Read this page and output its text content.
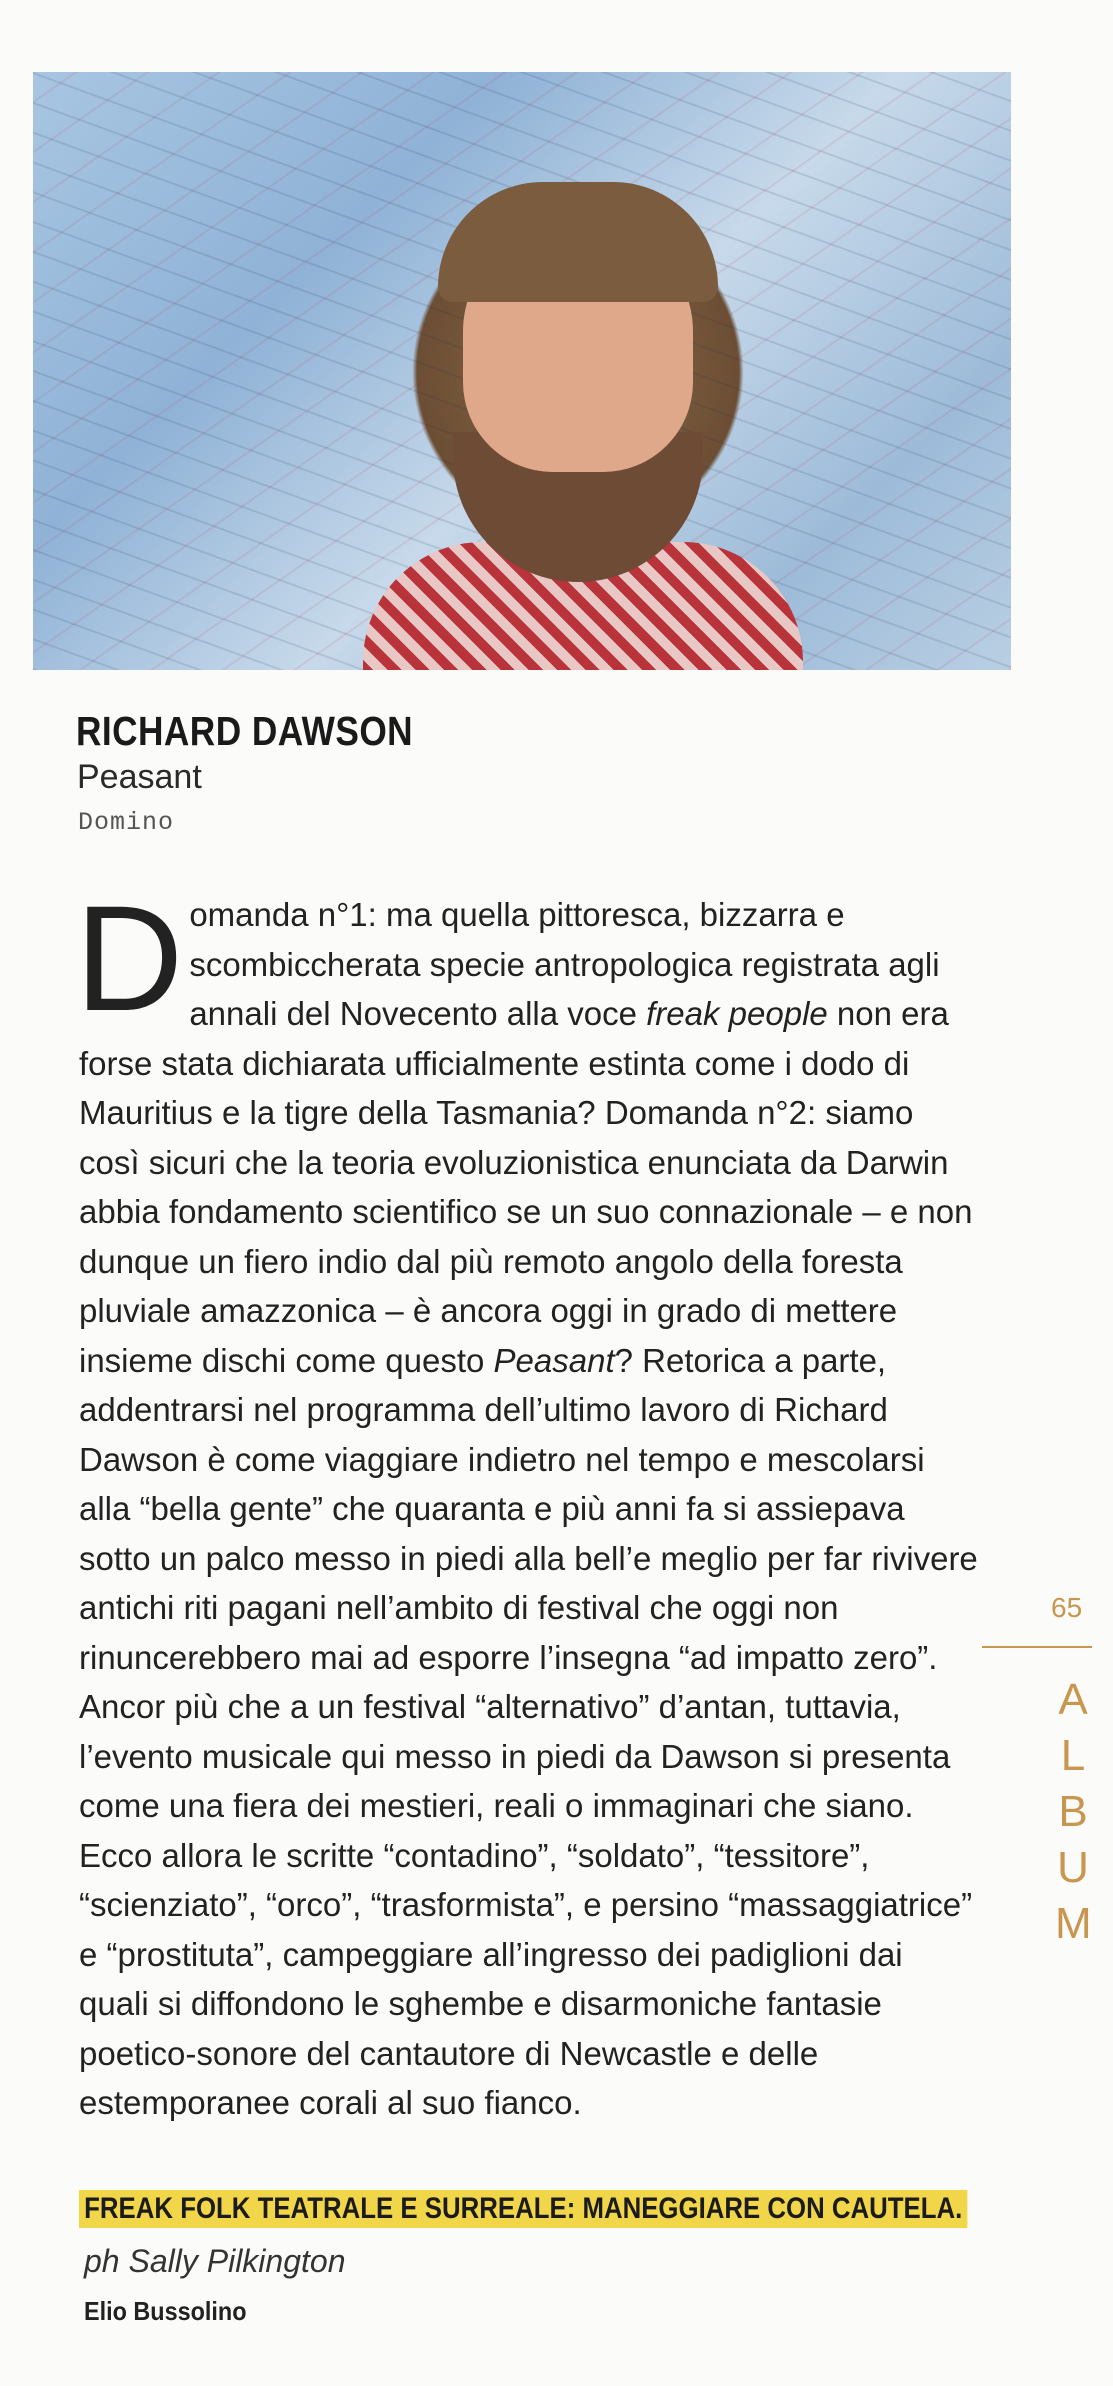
RICHARD DAWSON
Peasant
Domino
Domanda n°1: ma quella pittoresca, bizzarra e scombiccherata specie antropologica registrata agli annali del Novecento alla voce freak people non era forse stata dichiarata ufficialmente estinta come i dodo di Mauritius e la tigre della Tasmania? Domanda n°2: siamo così sicuri che la teoria evoluzionistica enunciata da Darwin abbia fondamento scientifico se un suo connazionale – e non dunque un fiero indio dal più remoto angolo della foresta pluviale amazzonica – è ancora oggi in grado di mettere insieme dischi come questo Peasant? Retorica a parte, addentrarsi nel programma dell’ultimo lavoro di Richard Dawson è come viaggiare indietro nel tempo e mescolarsi alla “bella gente” che quaranta e più anni fa si assiepava sotto un palco messo in piedi alla bell’e meglio per far rivivere antichi riti pagani nell’ambito di festival che oggi non rinuncerebbero mai ad esporre l’insegna “ad impatto zero”. Ancor più che a un festival “alternativo” d’antan, tuttavia, l’evento musicale qui messo in piedi da Dawson si presenta come una fiera dei mestieri, reali o immaginari che siano. Ecco allora le scritte “contadino”, “soldato”, “tessitore”, “scienziato”, “orco”, “trasformista”, e persino “massaggiatrice” e “prostituta”, campeggiare all’ingresso dei padiglioni dai quali si diffondono le sghembe e disarmoniche fantasie poetico-sonore del cantautore di Newcastle e delle estemporanee corali al suo fianco.
FREAK FOLK TEATRALE E SURREALE: MANEGGIARE CON CAUTELA.
ph Sally Pilkington
Elio Bussolino
65
A
L
B
U
M
